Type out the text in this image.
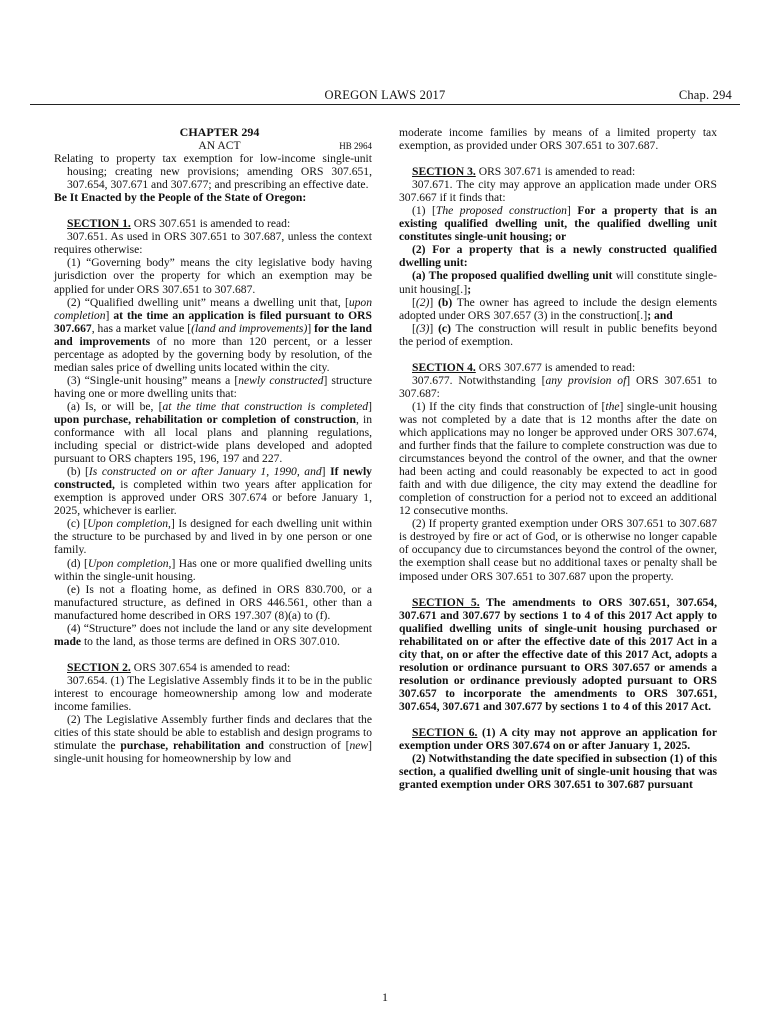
OREGON LAWS 2017	Chap. 294

CHAPTER 294

AN ACT	HB 2964

Relating to property tax exemption for low-income single-unit housing; creating new provisions; amending ORS 307.651, 307.654, 307.671 and 307.677; and prescribing an effective date.

Be It Enacted by the People of the State of Oregon:

SECTION 1. ORS 307.651 is amended to read:

307.651. As used in ORS 307.651 to 307.687, unless the context requires otherwise:

(1) “Governing body” means the city legislative body having jurisdiction over the property for which an exemption may be applied for under ORS 307.651 to 307.687.

(2) “Qualified dwelling unit” means a dwelling unit that, [upon completion] at the time an application is filed pursuant to ORS 307.667, has a market value [(land and improvements)] for the land and improvements of no more than 120 percent, or a lesser percentage as adopted by the governing body by resolution, of the median sales price of dwelling units located within the city.

(3) “Single-unit housing” means a [newly constructed] structure having one or more dwelling units that:

(a) Is, or will be, [at the time that construction is completed] upon purchase, rehabilitation or completion of construction, in conformance with all local plans and planning regulations, including special or district-wide plans developed and adopted pursuant to ORS chapters 195, 196, 197 and 227.

(b) [Is constructed on or after January 1, 1990, and] If newly constructed, is completed within two years after application for exemption is approved under ORS 307.674 or before January 1, 2025, whichever is earlier.

(c) [Upon completion,] Is designed for each dwelling unit within the structure to be purchased by and lived in by one person or one family.

(d) [Upon completion,] Has one or more qualified dwelling units within the single-unit housing.

(e) Is not a floating home, as defined in ORS 830.700, or a manufactured structure, as defined in ORS 446.561, other than a manufactured home described in ORS 197.307 (8)(a) to (f).

(4) “Structure” does not include the land or any site development made to the land, as those terms are defined in ORS 307.010.

SECTION 2. ORS 307.654 is amended to read:

307.654. (1) The Legislative Assembly finds it to be in the public interest to encourage homeownership among low and moderate income families.

(2) The Legislative Assembly further finds and declares that the cities of this state should be able to establish and design programs to stimulate the purchase, rehabilitation and construction of [new] single-unit housing for homeownership by low and

moderate income families by means of a limited property tax exemption, as provided under ORS 307.651 to 307.687.

SECTION 3. ORS 307.671 is amended to read:

307.671. The city may approve an application made under ORS 307.667 if it finds that:

(1) [The proposed construction] For a property that is an existing qualified dwelling unit, the qualified dwelling unit constitutes single-unit housing; or

(2) For a property that is a newly constructed qualified dwelling unit:

(a) The proposed qualified dwelling unit will constitute single-unit housing[.];

[(2)] (b) The owner has agreed to include the design elements adopted under ORS 307.657 (3) in the construction[.]; and

[(3)] (c) The construction will result in public benefits beyond the period of exemption.

SECTION 4. ORS 307.677 is amended to read:

307.677. Notwithstanding [any provision of] ORS 307.651 to 307.687:

(1) If the city finds that construction of [the] single-unit housing was not completed by a date that is 12 months after the date on which applications may no longer be approved under ORS 307.674, and further finds that the failure to complete construction was due to circumstances beyond the control of the owner, and that the owner had been acting and could reasonably be expected to act in good faith and with due diligence, the city may extend the deadline for completion of construction for a period not to exceed an additional 12 consecutive months.

(2) If property granted exemption under ORS 307.651 to 307.687 is destroyed by fire or act of God, or is otherwise no longer capable of occupancy due to circumstances beyond the control of the owner, the exemption shall cease but no additional taxes or penalty shall be imposed under ORS 307.651 to 307.687 upon the property.

SECTION 5. The amendments to ORS 307.651, 307.654, 307.671 and 307.677 by sections 1 to 4 of this 2017 Act apply to qualified dwelling units of single-unit housing purchased or rehabilitated on or after the effective date of this 2017 Act in a city that, on or after the effective date of this 2017 Act, adopts a resolution or ordinance pursuant to ORS 307.657 or amends a resolution or ordinance previously adopted pursuant to ORS 307.657 to incorporate the amendments to ORS 307.651, 307.654, 307.671 and 307.677 by sections 1 to 4 of this 2017 Act.

SECTION 6. (1) A city may not approve an application for exemption under ORS 307.674 on or after January 1, 2025.

(2) Notwithstanding the date specified in subsection (1) of this section, a qualified dwelling unit of single-unit housing that was granted exemption under ORS 307.651 to 307.687 pursuant

1
